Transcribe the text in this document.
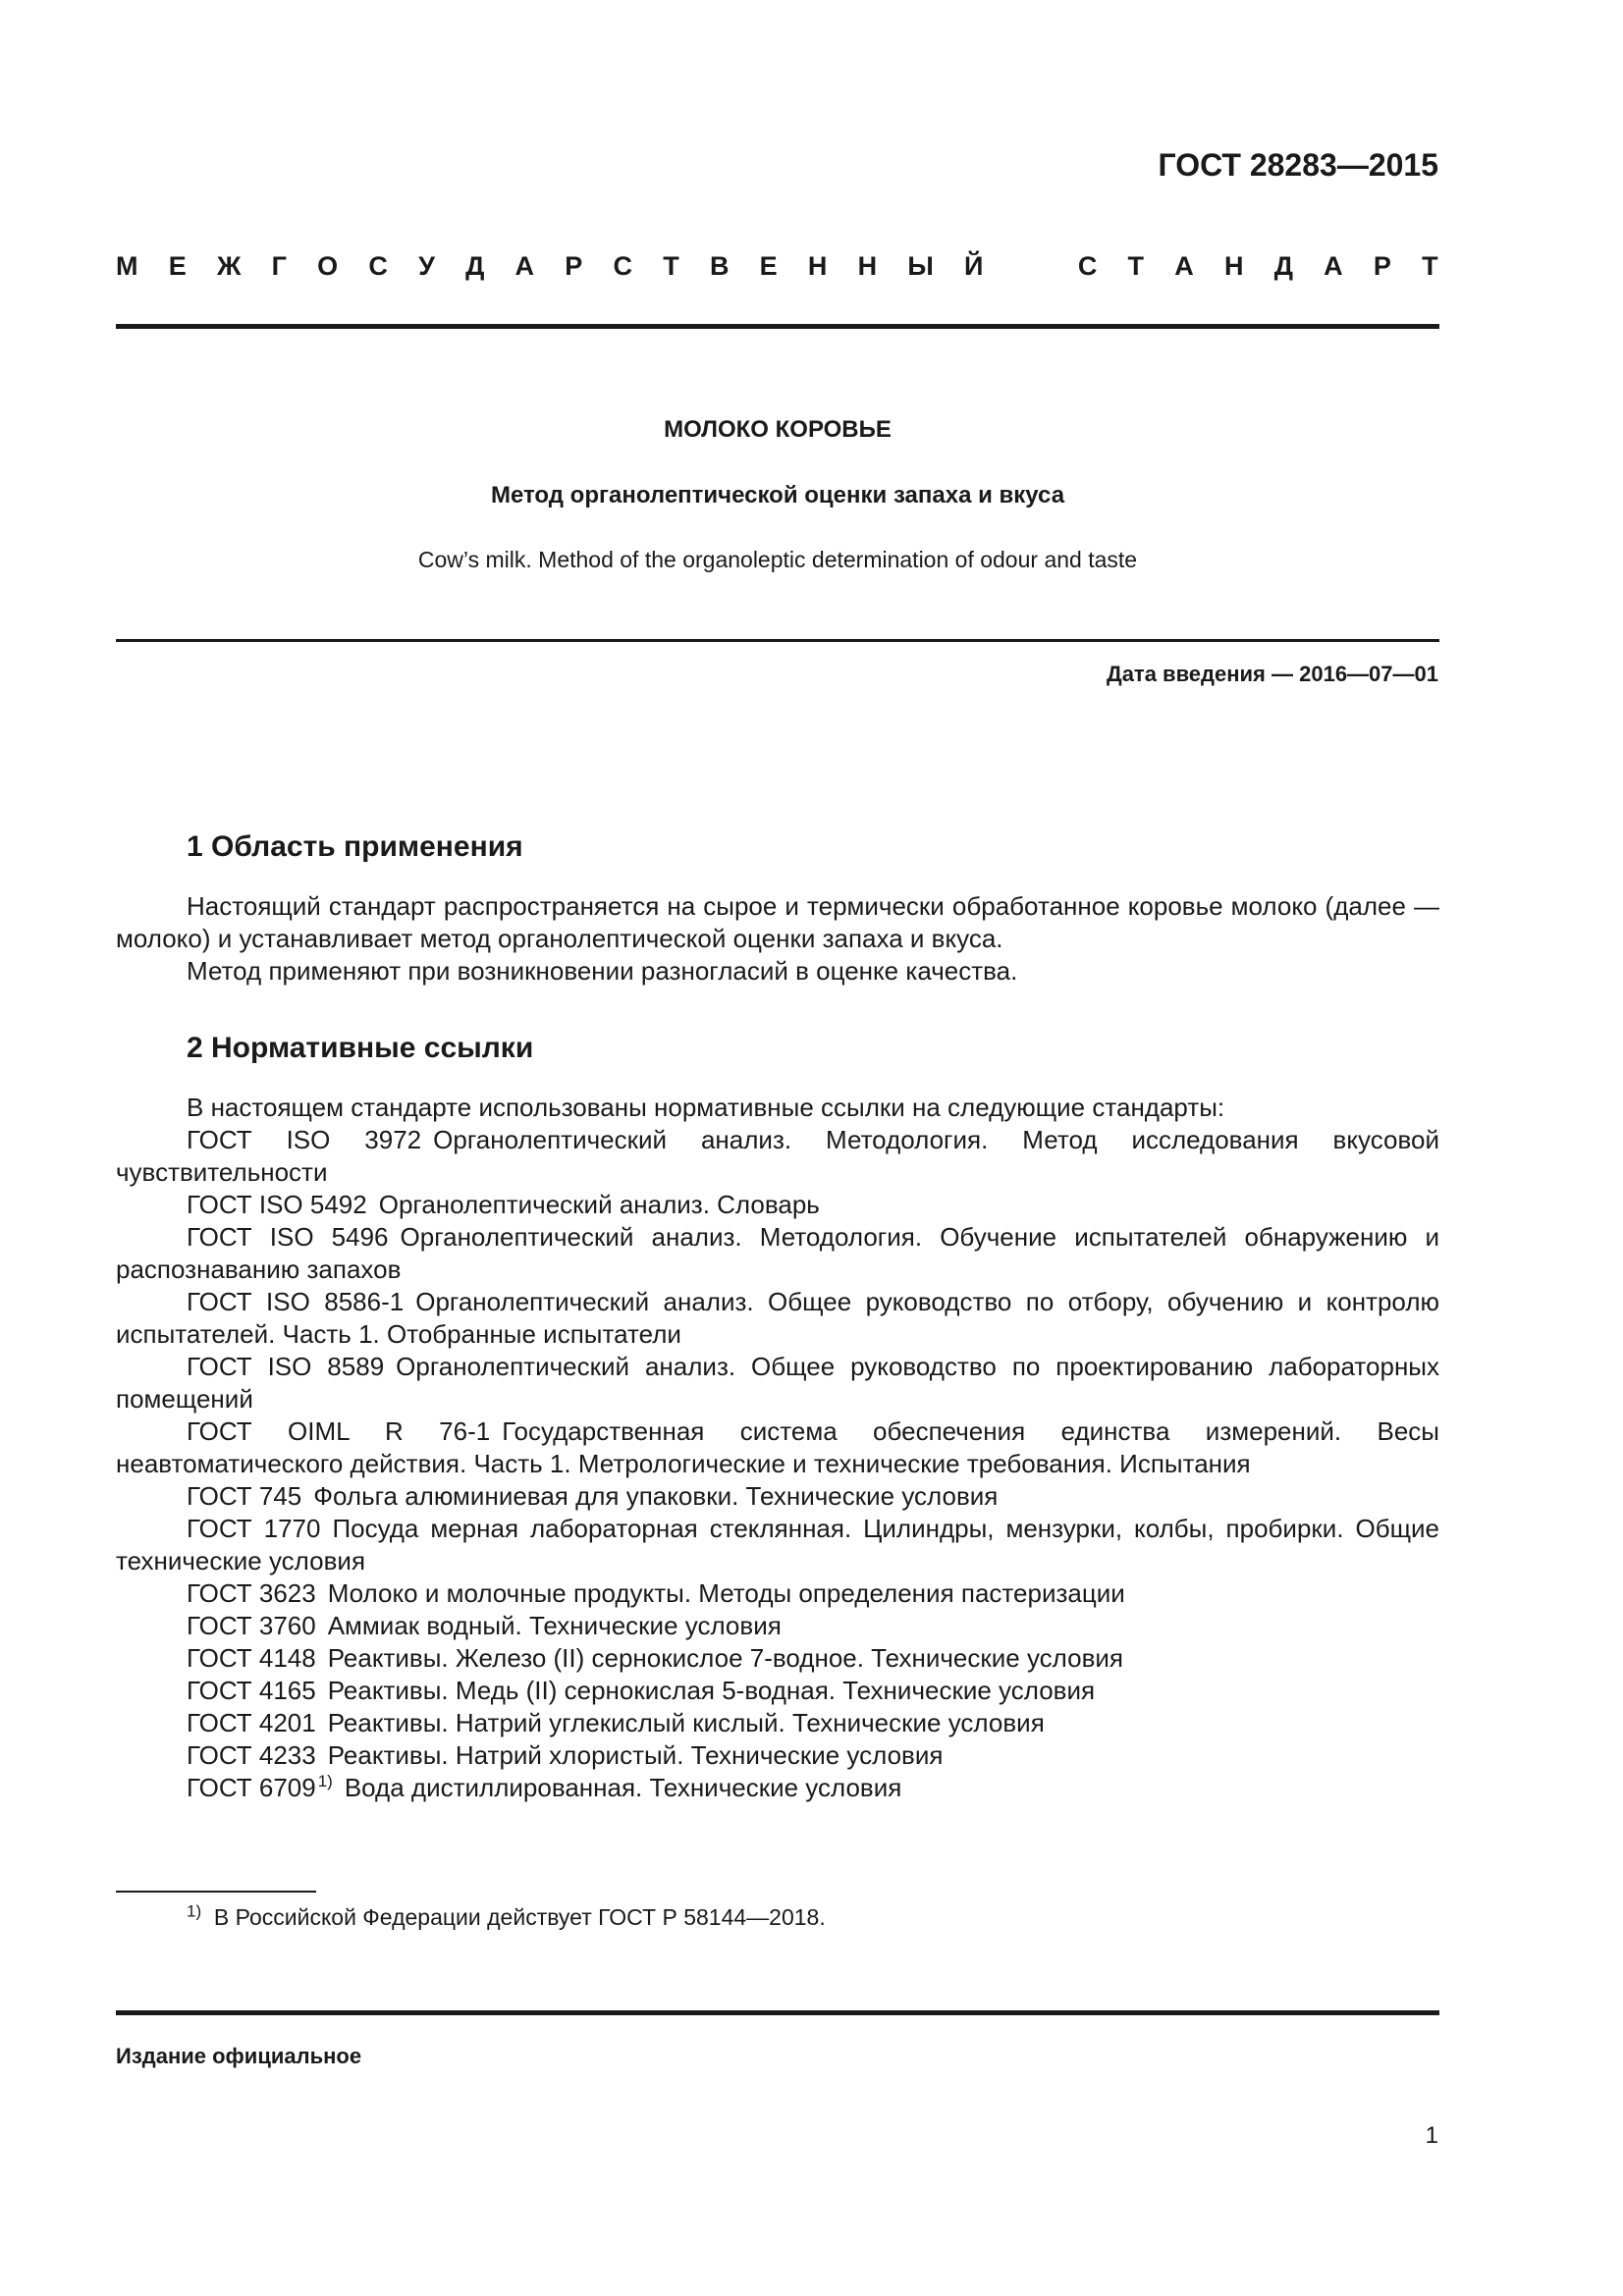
ГОСТ 28283—2015
М Е Ж Г О С У Д А Р С Т В Е Н Н Ы Й	С Т А Н Д А Р Т
МОЛОКО КОРОВЬЕ
Метод органолептической оценки запаха и вкуса
Cow’s milk. Method of the organoleptic determination of odour and taste
Дата введения — 2016—07—01
1 Область применения

Настоящий стандарт распространяется на сырое и термически обработанное коровье молоко (далее — молоко) и устанавливает метод органолептической оценки запаха и вкуса.

Метод применяют при возникновении разногласий в оценке качества.

2 Нормативные ссылки

В настоящем стандарте использованы нормативные ссылки на следующие стандарты:

ГОСТ ISO 3972 Органолептический анализ. Методология. Метод исследования вкусовой чувствительности

ГОСТ ISO 5492 Органолептический анализ. Словарь

ГОСТ ISO 5496 Органолептический анализ. Методология. Обучение испытателей обнаружению и распознаванию запахов

ГОСТ ISO 8586-1 Органолептический анализ. Общее руководство по отбору, обучению и контролю испытателей. Часть 1. Отобранные испытатели

ГОСТ ISO 8589 Органолептический анализ. Общее руководство по проектированию лабораторных помещений

ГОСТ OIML R 76-1 Государственная система обеспечения единства измерений. Весы неавтоматического действия. Часть 1. Метрологические и технические требования. Испытания

ГОСТ 745 Фольга алюминиевая для упаковки. Технические условия

ГОСТ 1770 Посуда мерная лабораторная стеклянная. Цилиндры, мензурки, колбы, пробирки. Общие технические условия

ГОСТ 3623 Молоко и молочные продукты. Методы определения пастеризации

ГОСТ 3760 Аммиак водный. Технические условия

ГОСТ 4148 Реактивы. Железо (II) сернокислое 7-водное. Технические условия

ГОСТ 4165 Реактивы. Медь (II) сернокислая 5-водная. Технические условия

ГОСТ 4201 Реактивы. Натрий углекислый кислый. Технические условия

ГОСТ 4233 Реактивы. Натрий хлористый. Технические условия

ГОСТ 6709 $^{1)}$ Вода дистиллированная. Технические условия

$^{1)}$ В Российской Федерации действует ГОСТ Р 58144—2018.
Издание официальное
1
